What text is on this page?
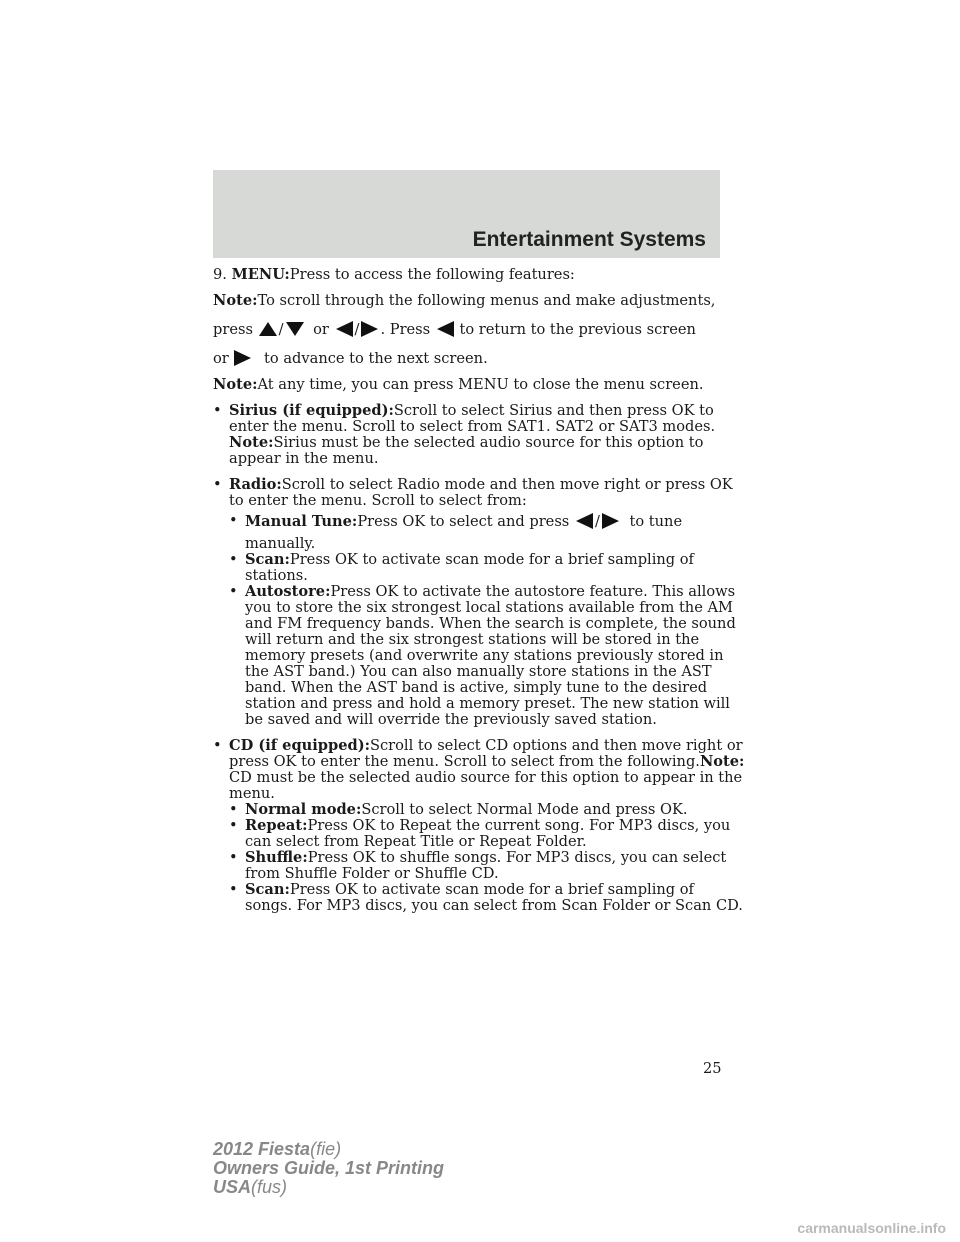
Entertainment Systems

9. MENU:Press to access the following features:

Note:To scroll through the following menus and make adjustments,
press / or / . Press to return to the previous screen
or to advance to the next screen.
Note:At any time, you can press MENU to close the menu screen.
• Sirius (if equipped):Scroll to select Sirius and then press OK to
enter the menu. Scroll to select from SAT1. SAT2 or SAT3 modes.
Note:Sirius must be the selected audio source for this option to
appear in the menu.
• Radio:Scroll to select Radio mode and then move right or press OK
to enter the menu. Scroll to select from:
• Manual Tune:Press OK to select and press / to tune
manually.
• Scan:Press OK to activate scan mode for a brief sampling of
stations.
• Autostore:Press OK to activate the autostore feature. This allows
you to store the six strongest local stations available from the AM
and FM frequency bands. When the search is complete, the sound
will return and the six strongest stations will be stored in the
memory presets (and overwrite any stations previously stored in
the AST band.) You can also manually store stations in the AST
band. When the AST band is active, simply tune to the desired
station and press and hold a memory preset. The new station will
be saved and will override the previously saved station.
• CD (if equipped):Scroll to select CD options and then move right or
press OK to enter the menu. Scroll to select from the following.Note:
CD must be the selected audio source for this option to appear in the
menu.
• Normal mode:Scroll to select Normal Mode and press OK.
• Repeat:Press OK to Repeat the current song. For MP3 discs, you
can select from Repeat Title or Repeat Folder.
• Shuffle:Press OK to shuffle songs. For MP3 discs, you can select
from Shuffle Folder or Shuffle CD.
• Scan:Press OK to activate scan mode for a brief sampling of
songs. For MP3 discs, you can select from Scan Folder or Scan CD.
25
2012 Fiesta(fie)
Owners Guide, 1st Printing
USA(fus)
carmanualsonline.info
